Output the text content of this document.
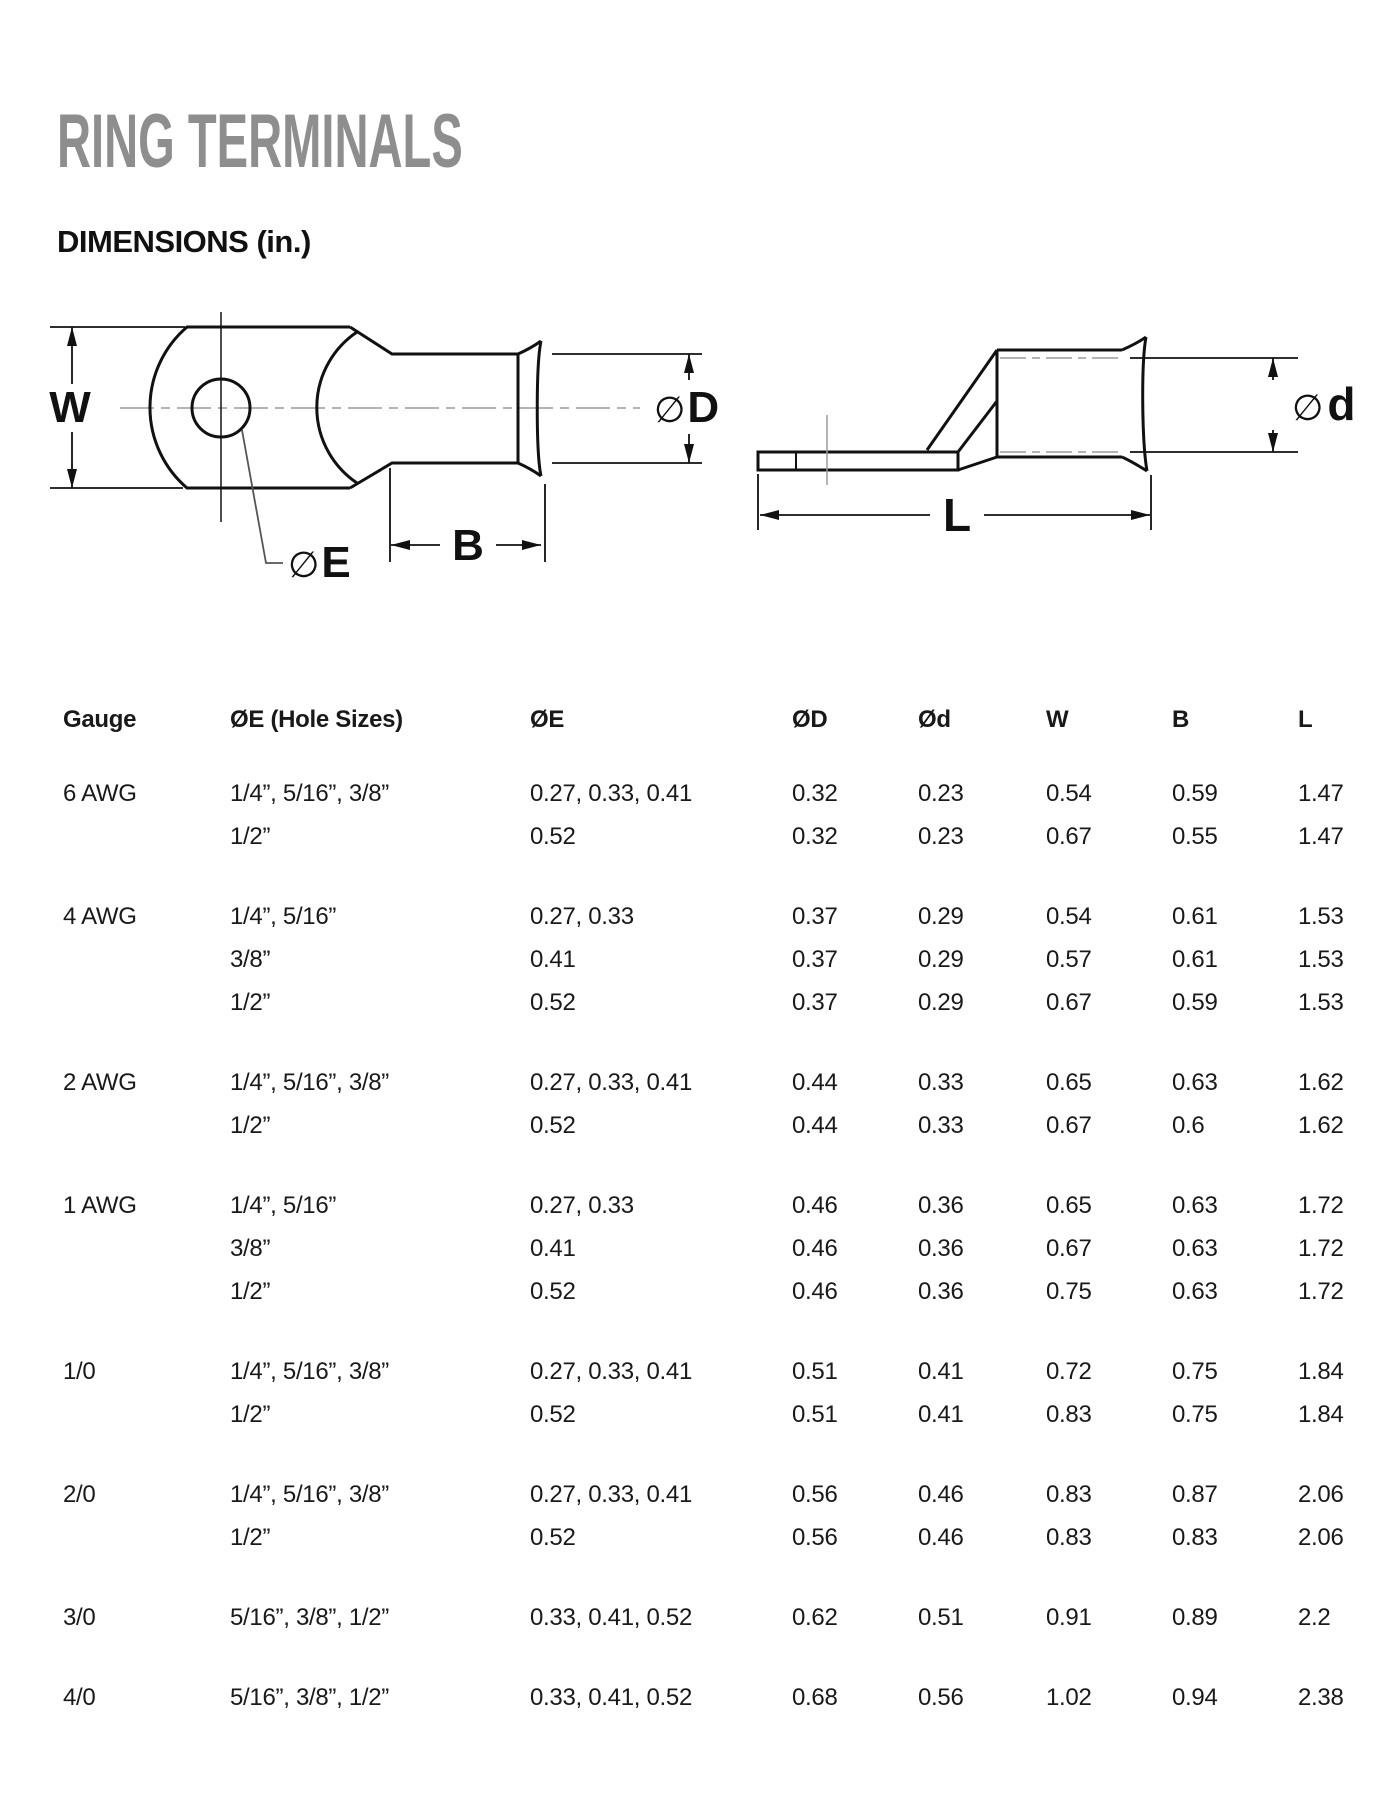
RING TERMINALS
DIMENSIONS (in.)
W	∅D
B
∅E
∅d
L
Gauge	ØE (Hole Sizes)	ØE	ØD	Ød	W	B	L
6 AWG	1/4”, 5/16”, 3/8”	0.27, 0.33, 0.41	0.32	0.23	0.54	0.59	1.47
1/2”	0.52	0.32	0.23	0.67	0.55	1.47
4 AWG	1/4”, 5/16”	0.27, 0.33	0.37	0.29	0.54	0.61	1.53
3/8”	0.41	0.37	0.29	0.57	0.61	1.53
1/2”	0.52	0.37	0.29	0.67	0.59	1.53
2 AWG	1/4”, 5/16”, 3/8”	0.27, 0.33, 0.41	0.44	0.33	0.65	0.63	1.62
1/2”	0.52	0.44	0.33	0.67	0.6	1.62
1 AWG	1/4”, 5/16”	0.27, 0.33	0.46	0.36	0.65	0.63	1.72
3/8”	0.41	0.46	0.36	0.67	0.63	1.72
1/2”	0.52	0.46	0.36	0.75	0.63	1.72
1/0	1/4”, 5/16”, 3/8”	0.27, 0.33, 0.41	0.51	0.41	0.72	0.75	1.84
1/2”	0.52	0.51	0.41	0.83	0.75	1.84
2/0	1/4”, 5/16”, 3/8”	0.27, 0.33, 0.41	0.56	0.46	0.83	0.87	2.06
1/2”	0.52	0.56	0.46	0.83	0.83	2.06
3/0	5/16”, 3/8”, 1/2”	0.33, 0.41, 0.52	0.62	0.51	0.91	0.89	2.2
4/0	5/16”, 3/8”, 1/2”	0.33, 0.41, 0.52	0.68	0.56	1.02	0.94	2.38
